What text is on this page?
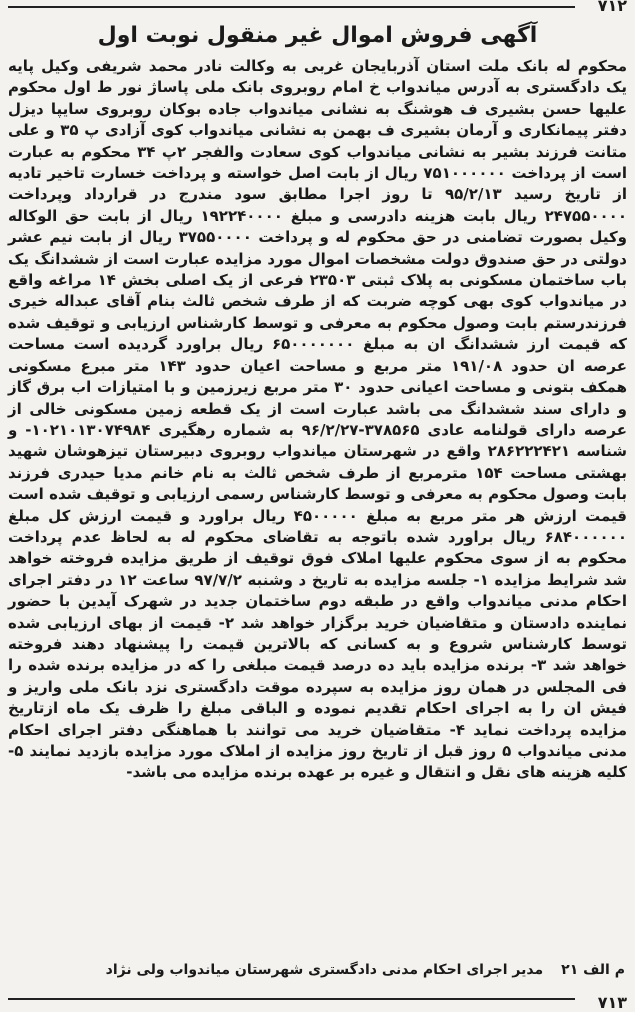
۷۱۲
آگهی فروش اموال غیر منقول نوبت اول

محکوم له بانک ملت استان آذربایجان غربی به وکالت نادر محمد شریفی وکیل پایه یک دادگستری به آدرس میاندواب خ امام روبروی بانک ملی پاساژ نور ط اول محکوم علیها حسن بشیری ف هوشنگ به نشانی میاندواب جاده بوکان روبروی سایپا دیزل دفتر پیمانکاری و آرمان بشیری ف بهمن به نشانی میاندواب کوی آزادی پ ۳۵ و علی متانت فرزند بشیر به نشانی میاندواب کوی سعادت والفجر ۲پ ۳۴ محکوم به عبارت است از پرداخت ۷۵۱۰۰۰۰۰۰ ریال از بابت اصل خواسته و پرداخت خسارت تاخیر تادیه از تاریخ رسید ۹۵/۲/۱۳ تا روز اجرا مطابق سود مندرج در قرارداد وپرداخت ۲۴۷۵۵۰۰۰۰ ریال بابت هزینه دادرسی و مبلغ ۱۹۲۲۴۰۰۰۰ ریال از بابت حق الوکاله وکیل بصورت تضامنی در حق محکوم له و پرداخت ۳۷۵۵۰۰۰۰ ریال از بابت نیم عشر دولتی در حق صندوق دولت مشخصات اموال مورد مزایده عبارت است از ششدانگ یک باب ساختمان مسکونی به پلاک ثبتی ۲۳۵۰۳ فرعی از یک اصلی بخش ۱۴ مراغه واقع در میاندواب کوی بهی کوچه ضربت که از طرف شخص ثالث بنام آقای عبداله خیری فرزندرستم بابت وصول محکوم به معرفی و توسط کارشناس ارزیابی و توقیف شده که قیمت ارز ششدانگ ان به مبلغ ۶۵۰۰۰۰۰۰۰ ریال براورد گردیده است مساحت عرصه ان حدود ۱۹۱/۰۸ متر مربع و مساحت اعیان حدود ۱۴۳ متر مبرع مسکونی همکف بتونی و مساحت اعیانی حدود ۳۰ متر مربع زیرزمین و با امتیازات اب برق گاز و دارای سند ششدانگ می باشد عبارت است از یک قطعه زمین مسکونی خالی از عرصه دارای قولنامه عادی ۳۷۸۵۶۵-۹۶/۲/۲۷ به شماره رهگیری ۱۰۲۱۰۱۳۰۷۴۹۸۴- و شناسه ۲۸۶۲۲۲۴۲۱ واقع در شهرستان میاندواب روبروی دبیرستان تیزهوشان شهید بهشتی مساحت ۱۵۴ مترمربع از طرف شخص ثالث به نام خانم مدیا حیدری فرزند بابت وصول محکوم به معرفی و توسط کارشناس رسمی ارزیابی و توقیف شده است قیمت ارزش هر متر مربع به مبلغ ۴۵۰۰۰۰۰ ریال براورد و قیمت ارزش کل مبلغ ۶۸۴۰۰۰۰۰۰ ریال براورد شده باتوجه به تقاضای محکوم له به لحاظ عدم پرداخت محکوم به از سوی محکوم علیها املاک فوق توقیف از طریق مزایده فروخته خواهد شد شرایط مزایده ۱- جلسه مزایده به تاریخ د وشنبه ۹۷/۷/۲ ساعت ۱۲ در دفتر اجرای احکام مدنی میاندواب واقع در طبقه دوم ساختمان جدید در شهرک آیدین با حضور نماینده دادستان و متقاضیان خرید برگزار خواهد شد ۲- قیمت از بهای ارزیابی شده توسط کارشناس شروع و به کسانی که بالاترین قیمت را پیشنهاد دهند فروخته خواهد شد ۳- برنده مزایده باید ده درصد قیمت مبلغی را که در مزایده برنده شده را فی المجلس در همان روز مزایده به سپرده موقت دادگستری نزد بانک ملی واریز و فیش ان را به اجرای احکام تقدیم نموده و الباقی مبلغ را ظرف یک ماه ازتاریخ مزایده پرداخت نماید ۴- متقاضیان خرید می توانند با هماهنگی دفتر اجرای احکام مدنی میاندواب ۵ روز قبل از تاریخ روز مزایده از املاک مورد مزایده بازدید نمایند ۵- کلیه هزینه های نقل و انتقال و غیره بر عهده برنده مزایده می باشد-

م الف ۲۱
مدیر اجرای احکام مدنی دادگستری شهرستان میاندواب ولی نژاد
۷۱۳
